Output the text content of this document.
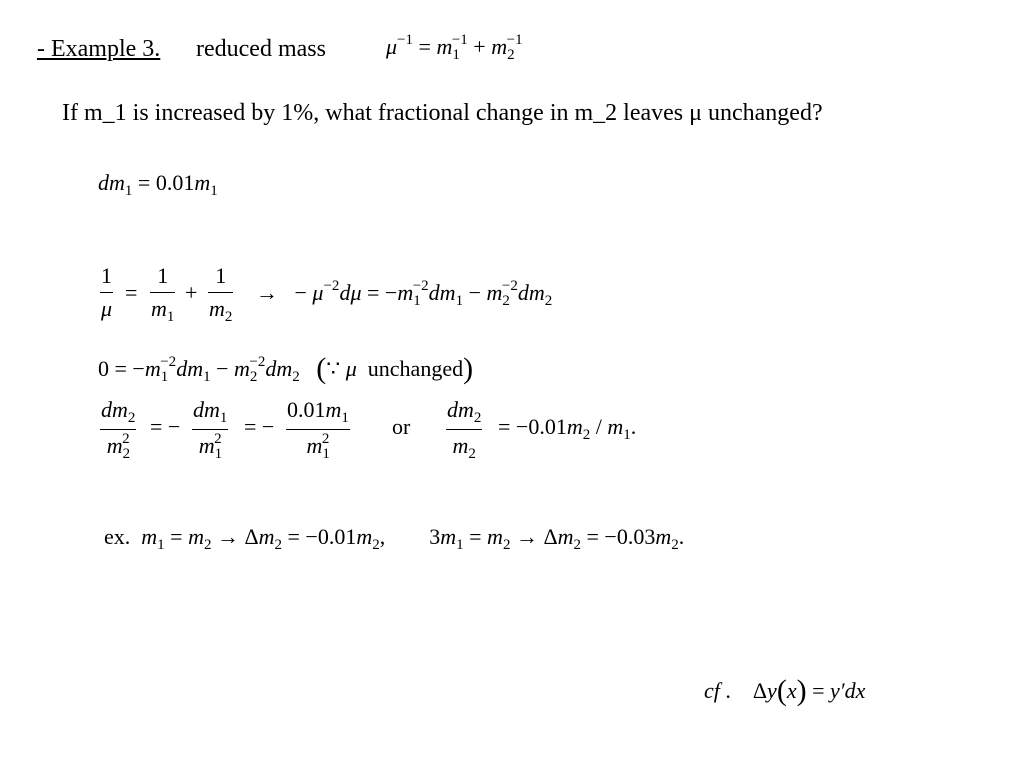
- Example 3. reduced mass	$\mu^{-1} = m_1^{-1} + m_2^{-1}$
If m_1 is increased by 1%, what fractional change in m_2 leaves μ unchanged?
$dm_1 = 0.01m_1$
1
μ
=
1
$m_1$
+
1
$m_2$
→   − $\mu^{-2}d\mu = -m_1^{-2}dm_1 - m_2^{-2}dm_2$
$0 = -m_1^{-2}dm_1 - m_2^{-2}dm_2$ (∵ μ unchanged)
$dm_2$
$m_2^2$ = −
$dm_1$
$m_1^2$	= −
$0.01m_1$
$m_1^2$	or
$dm_2$
$m_2$
= $-0.01m_2 / m_1$.
ex. $m_1 = m_2 \to \Delta m_2 = -0.01m_2$, $3m_1 = m_2 \to \Delta m_2 = -0.03m_2$.
cf . Δy(x) = y′dx
